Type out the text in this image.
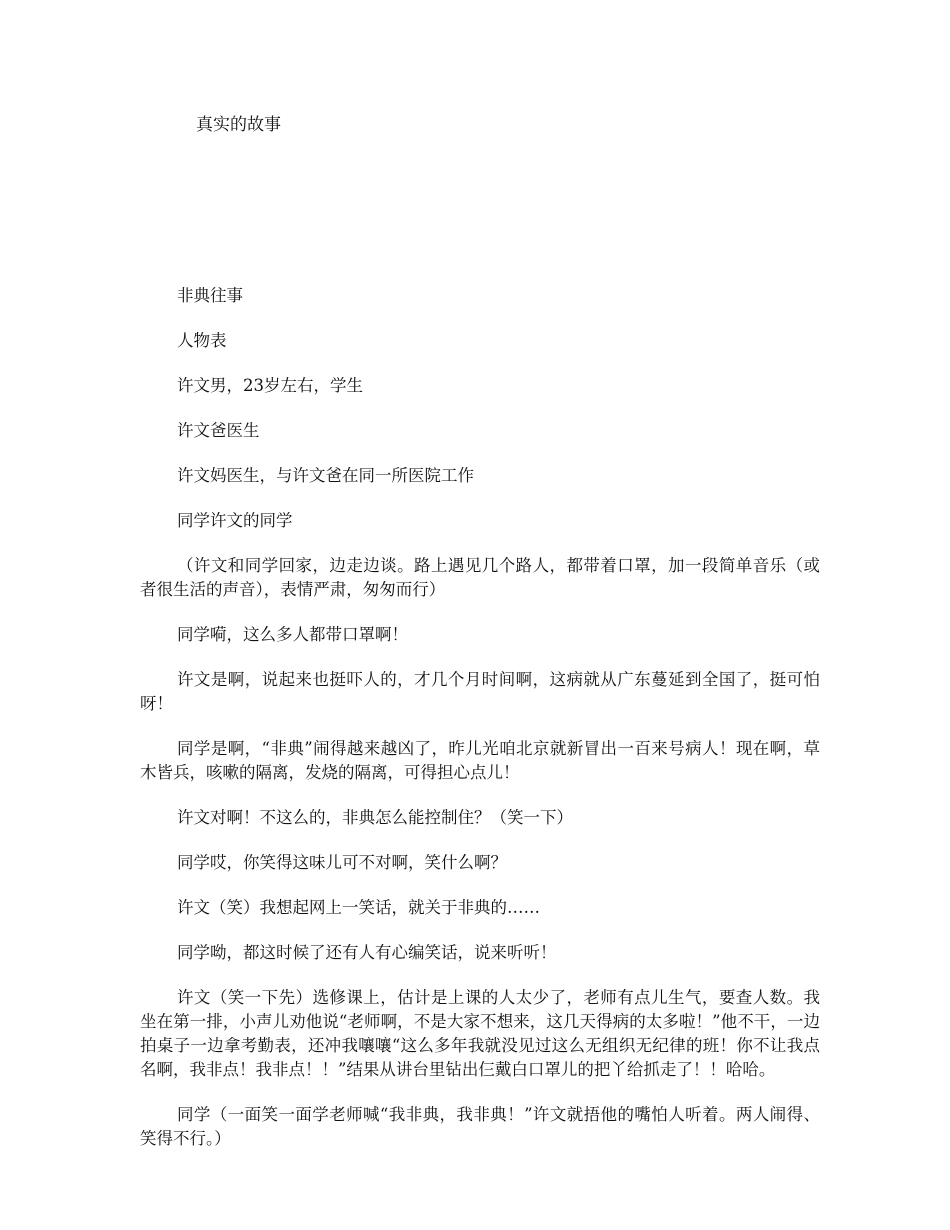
真实的故事

非典往事

人物表

许文男，23岁左右，学生

许文爸医生

许文妈医生，与许文爸在同一所医院工作

同学许文的同学

（许文和同学回家，边走边谈。路上遇见几个路人，都带着口罩，加一段简单音乐（或者很生活的声音），表情严肃，匆匆而行）

同学嗬，这么多人都带口罩啊！

许文是啊，说起来也挺吓人的，才几个月时间啊，这病就从广东蔓延到全国了，挺可怕呀！

同学是啊，“非典”闹得越来越凶了，昨儿光咱北京就新冒出一百来号病人！现在啊，草木皆兵，咳嗽的隔离，发烧的隔离，可得担心点儿！

许文对啊！不这么的，非典怎么能控制住？（笑一下）

同学哎，你笑得这味儿可不对啊，笑什么啊？

许文（笑）我想起网上一笑话，就关于非典的……

同学呦，都这时候了还有人有心编笑话，说来听听！

许文（笑一下先）选修课上，估计是上课的人太少了，老师有点儿生气，要查人数。我坐在第一排，小声儿劝他说“老师啊，不是大家不想来，这几天得病的太多啦！”他不干，一边拍桌子一边拿考勤表，还冲我嚷嚷“这么多年我就没见过这么无组织无纪律的班！你不让我点名啊，我非点！我非点！！”结果从讲台里钻出仨戴白口罩儿的把丫给抓走了！！哈哈。

同学（一面笑一面学老师喊“我非典，我非典！”许文就捂他的嘴怕人听着。两人闹得、笑得不行。）
